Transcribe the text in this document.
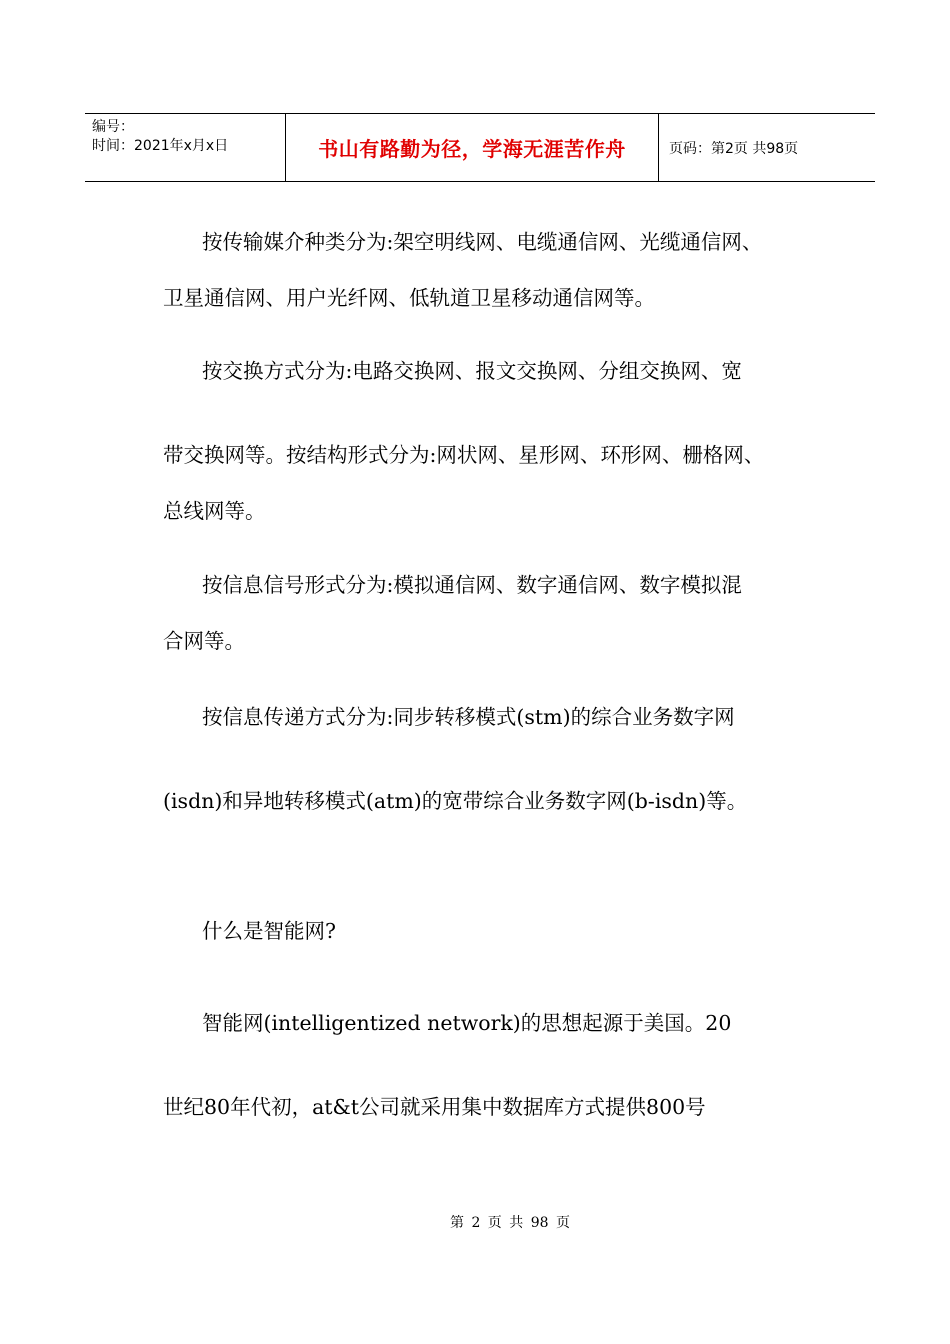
编号：
时间：2021年x月x日	书山有路勤为径，学海无涯苦作舟	页码：第2页 共98页
按传输媒介种类分为:架空明线网、电缆通信网、光缆通信网、
卫星通信网、用户光纤网、低轨道卫星移动通信网等。
按交换方式分为:电路交换网、报文交换网、分组交换网、宽
带交换网等。按结构形式分为:网状网、星形网、环形网、栅格网、
总线网等。
按信息信号形式分为:模拟通信网、数字通信网、数字模拟混
合网等。
按信息传递方式分为:同步转移模式(stm)的综合业务数字网
(isdn)和异地转移模式(atm)的宽带综合业务数字网(b-isdn)等。
什么是智能网?
智能网(intelligentized network)的思想起源于美国。20
世纪80年代初，at&t公司就采用集中数据库方式提供800号
第 2 页 共 98 页
